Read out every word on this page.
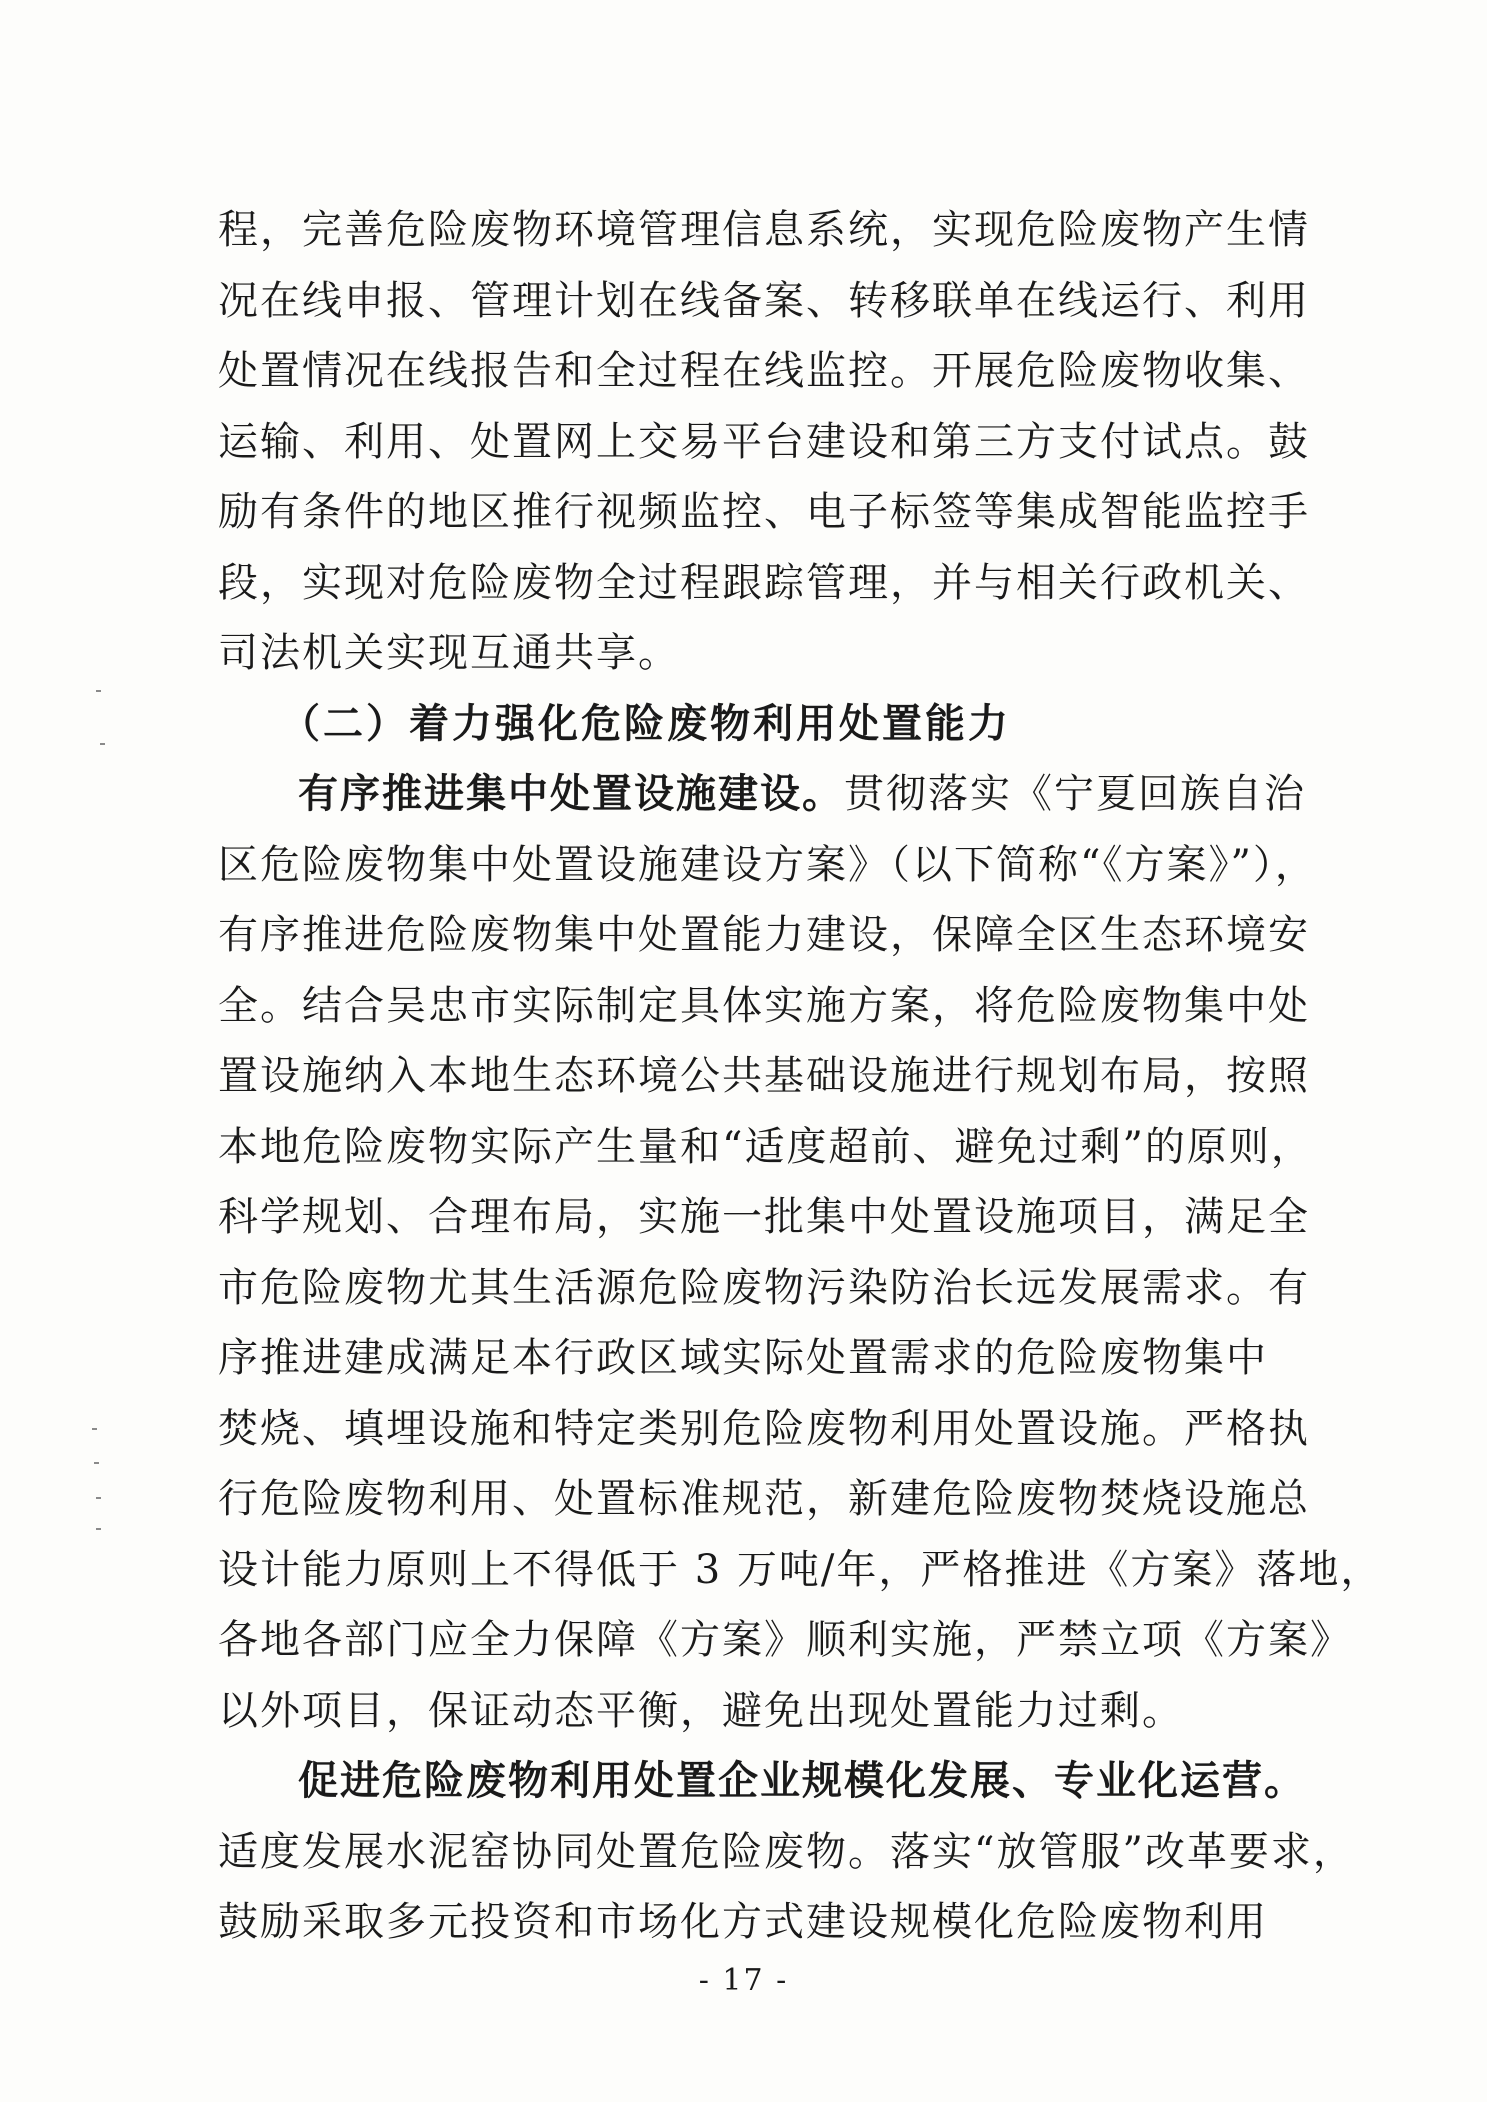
程，完善危险废物环境管理信息系统，实现危险废物产生情
况在线申报、管理计划在线备案、转移联单在线运行、利用
处置情况在线报告和全过程在线监控。开展危险废物收集、
运输、利用、处置网上交易平台建设和第三方支付试点。鼓
励有条件的地区推行视频监控、电子标签等集成智能监控手
段，实现对危险废物全过程跟踪管理，并与相关行政机关、
司法机关实现互通共享。
（二）着力强化危险废物利用处置能力
有序推进集中处置设施建设。贯彻落实《宁夏回族自治
区危险废物集中处置设施建设方案》（以下简称“《方案》”），
有序推进危险废物集中处置能力建设，保障全区生态环境安
全。结合吴忠市实际制定具体实施方案，将危险废物集中处
置设施纳入本地生态环境公共基础设施进行规划布局，按照
本地危险废物实际产生量和“适度超前、避免过剩”的原则，
科学规划、合理布局，实施一批集中处置设施项目，满足全
市危险废物尤其生活源危险废物污染防治长远发展需求。有
序推进建成满足本行政区域实际处置需求的危险废物集中
焚烧、填埋设施和特定类别危险废物利用处置设施。严格执
行危险废物利用、处置标准规范，新建危险废物焚烧设施总
设计能力原则上不得低于 3 万吨/年，严格推进《方案》落地，
各地各部门应全力保障《方案》顺利实施，严禁立项《方案》
以外项目，保证动态平衡，避免出现处置能力过剩。
促进危险废物利用处置企业规模化发展、专业化运营。
适度发展水泥窑协同处置危险废物。落实“放管服”改革要求，
鼓励采取多元投资和市场化方式建设规模化危险废物利用
- 17 -
